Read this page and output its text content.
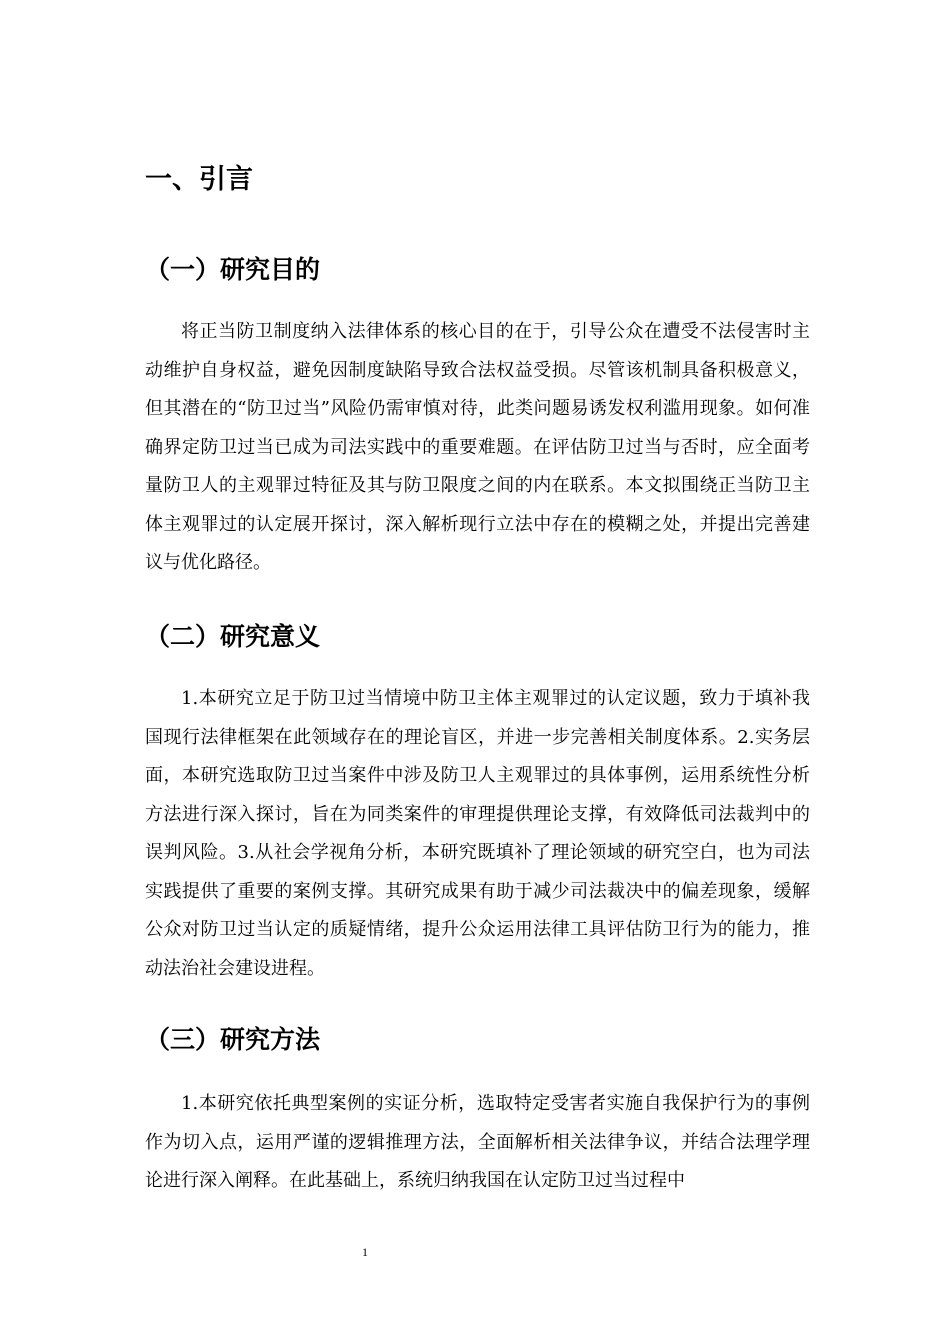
一、引言
（一）研究目的

将正当防卫制度纳入法律体系的核心目的在于，引导公众在遭受不法侵害时主动维护自身权益，避免因制度缺陷导致合法权益受损。尽管该机制具备积极意义，但其潜在的“防卫过当”风险仍需审慎对待，此类问题易诱发权利滥用现象。如何准确界定防卫过当已成为司法实践中的重要难题。在评估防卫过当与否时，应全面考量防卫人的主观罪过特征及其与防卫限度之间的内在联系。本文拟围绕正当防卫主体主观罪过的认定展开探讨，深入解析现行立法中存在的模糊之处，并提出完善建议与优化路径。

（二）研究意义

1.本研究立足于防卫过当情境中防卫主体主观罪过的认定议题，致力于填补我国现行法律框架在此领域存在的理论盲区，并进一步完善相关制度体系。2.实务层面，本研究选取防卫过当案件中涉及防卫人主观罪过的具体事例，运用系统性分析方法进行深入探讨，旨在为同类案件的审理提供理论支撑，有效降低司法裁判中的误判风险。3.从社会学视角分析，本研究既填补了理论领域的研究空白，也为司法实践提供了重要的案例支撑。其研究成果有助于减少司法裁决中的偏差现象，缓解公众对防卫过当认定的质疑情绪，提升公众运用法律工具评估防卫行为的能力，推动法治社会建设进程。

（三）研究方法

1.本研究依托典型案例的实证分析，选取特定受害者实施自我保护行为的事例作为切入点，运用严谨的逻辑推理方法，全面解析相关法律争议，并结合法理学理论进行深入阐释。在此基础上，系统归纳我国在认定防卫过当过程中

1
